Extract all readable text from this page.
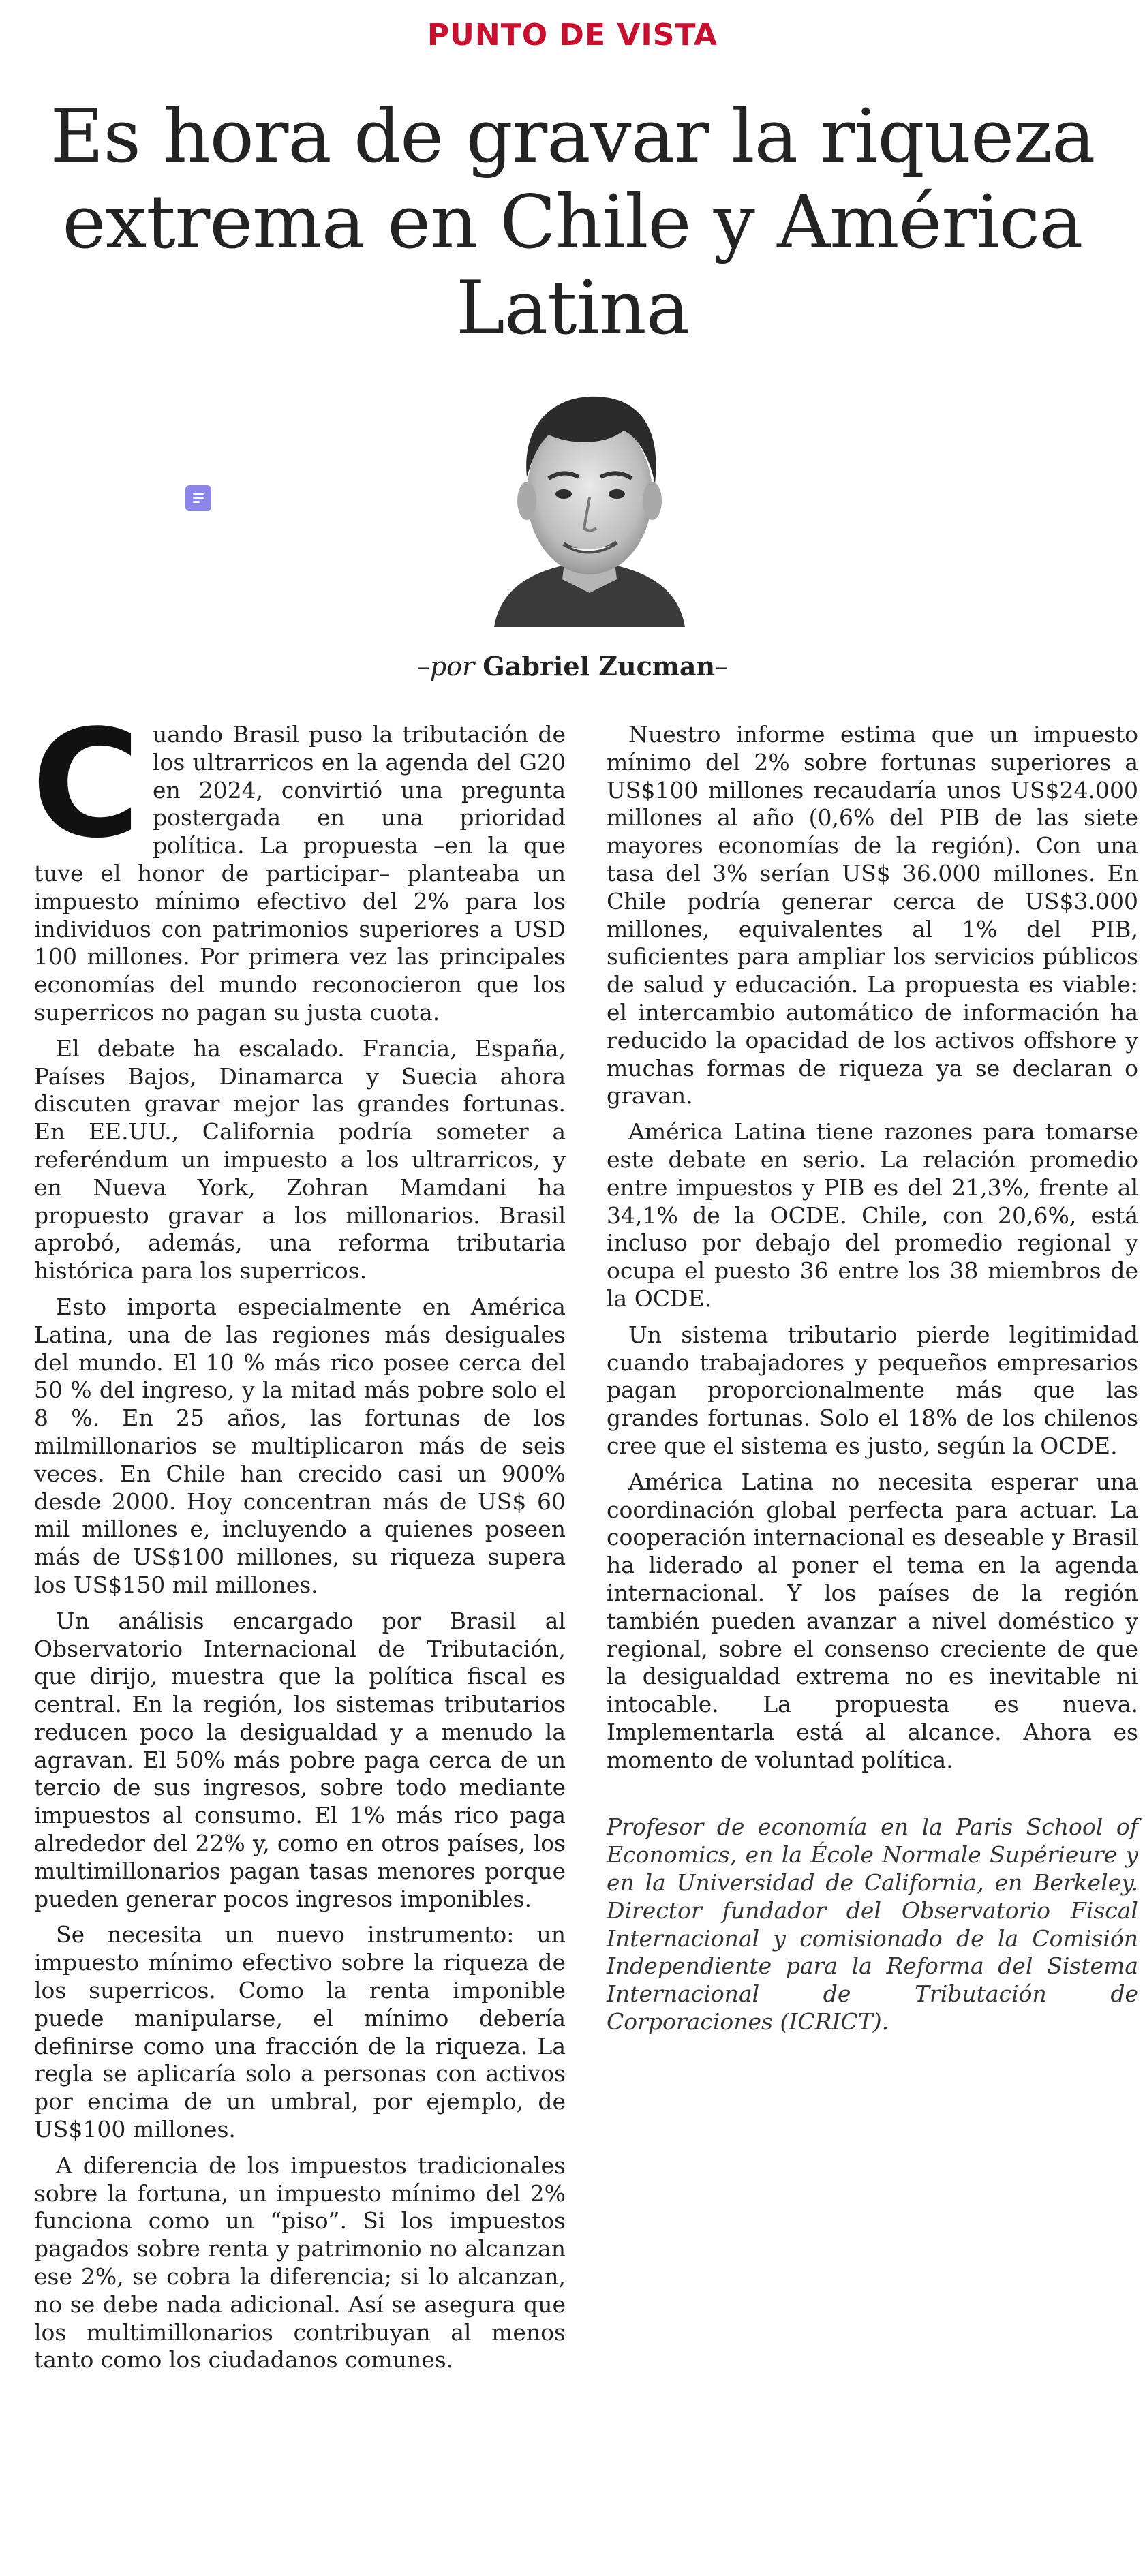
PUNTO DE VISTA
Es hora de gravar la riqueza extrema en Chile y América Latina
–por Gabriel Zucman–

Cuando Brasil puso la tributación de los ultrarricos en la agenda del G20 en 2024, convirtió una pregunta postergada en una prioridad política. La propuesta –en la que tuve el honor de participar– planteaba un impuesto mínimo efectivo del 2% para los individuos con patrimonios superiores a USD 100 millones. Por primera vez las principales economías del mundo reconocieron que los superricos no pagan su justa cuota.

El debate ha escalado. Francia, España, Países Bajos, Dinamarca y Suecia ahora discuten gravar mejor las grandes fortunas. En EE.UU., California podría someter a referéndum un impuesto a los ultrarricos, y en Nueva York, Zohran Mamdani ha propuesto gravar a los millonarios. Brasil aprobó, además, una reforma tributaria histórica para los superricos.

Esto importa especialmente en América Latina, una de las regiones más desiguales del mundo. El 10 % más rico posee cerca del 50 % del ingreso, y la mitad más pobre solo el 8 %. En 25 años, las fortunas de los milmillonarios se multiplicaron más de seis veces. En Chile han crecido casi un 900% desde 2000. Hoy concentran más de US$ 60 mil millones e, incluyendo a quienes poseen más de US$100 millones, su riqueza supera los US$150 mil millones.

Un análisis encargado por Brasil al Observatorio Internacional de Tributación, que dirijo, muestra que la política fiscal es central. En la región, los sistemas tributarios reducen poco la desigualdad y a menudo la agravan. El 50% más pobre paga cerca de un tercio de sus ingresos, sobre todo mediante impuestos al consumo. El 1% más rico paga alrededor del 22% y, como en otros países, los multimillonarios pagan tasas menores porque pueden generar pocos ingresos imponibles.

Se necesita un nuevo instrumento: un impuesto mínimo efectivo sobre la riqueza de los superricos. Como la renta imponible puede manipularse, el mínimo debería definirse como una fracción de la riqueza. La regla se aplicaría solo a personas con activos por encima de un umbral, por ejemplo, de US$100 millones.

A diferencia de los impuestos tradicionales sobre la fortuna, un impuesto mínimo del 2% funciona como un “piso”. Si los impuestos pagados sobre renta y patrimonio no alcanzan ese 2%, se cobra la diferencia; si lo alcanzan, no se debe nada adicional. Así se asegura que los multimillonarios contribuyan al menos tanto como los ciudadanos comunes.

Nuestro informe estima que un impuesto mínimo del 2% sobre fortunas superiores a US$100 millones recaudaría unos US$24.000 millones al año (0,6% del PIB de las siete mayores economías de la región). Con una tasa del 3% serían US$ 36.000 millones. En Chile podría generar cerca de US$3.000 millones, equivalentes al 1% del PIB, suficientes para ampliar los servicios públicos de salud y educación. La propuesta es viable: el intercambio automático de información ha reducido la opacidad de los activos offshore y muchas formas de riqueza ya se declaran o gravan.

América Latina tiene razones para tomarse este debate en serio. La relación promedio entre impuestos y PIB es del 21,3%, frente al 34,1% de la OCDE. Chile, con 20,6%, está incluso por debajo del promedio regional y ocupa el puesto 36 entre los 38 miembros de la OCDE.

Un sistema tributario pierde legitimidad cuando trabajadores y pequeños empresarios pagan proporcionalmente más que las grandes fortunas. Solo el 18% de los chilenos cree que el sistema es justo, según la OCDE.

América Latina no necesita esperar una coordinación global perfecta para actuar. La cooperación internacional es deseable y Brasil ha liderado al poner el tema en la agenda internacional. Y los países de la región también pueden avanzar a nivel doméstico y regional, sobre el consenso creciente de que la desigualdad extrema no es inevitable ni intocable. La propuesta es nueva. Implementarla está al alcance. Ahora es momento de voluntad política.

Profesor de economía en la Paris School of Economics, en la École Normale Supérieure y en la Universidad de California, en Berkeley. Director fundador del Observatorio Fiscal Internacional y comisionado de la Comisión Independiente para la Reforma del Sistema Internacional de Tributación de Corporaciones (ICRICT).
